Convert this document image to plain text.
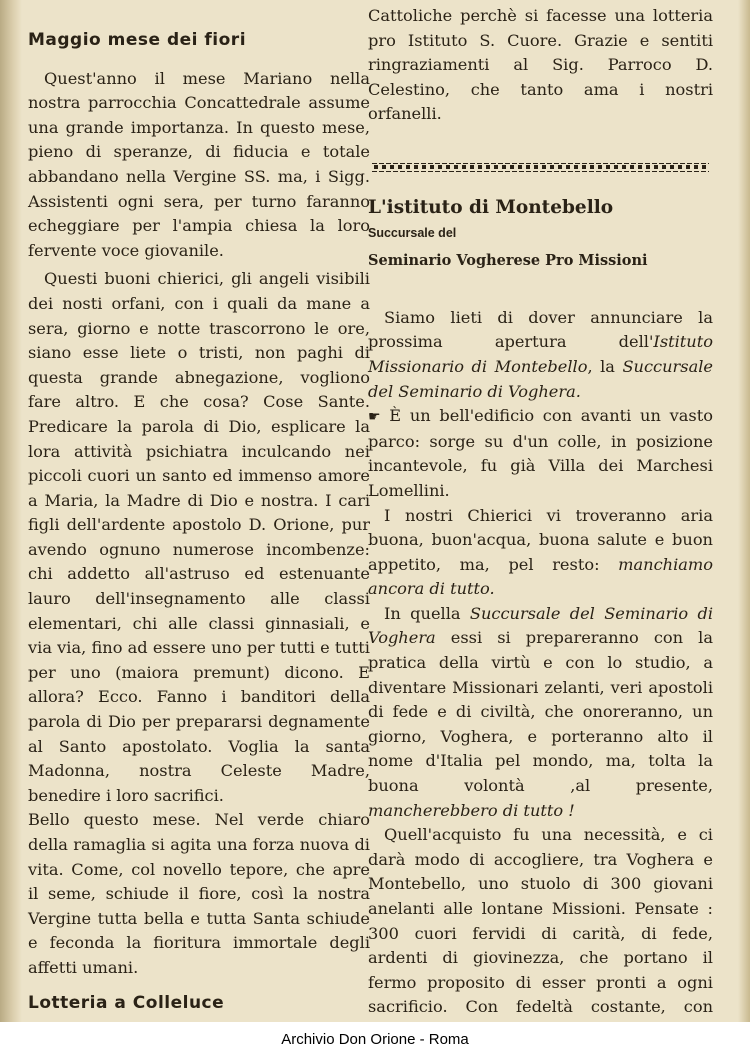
Maggio mese dei fiori

Quest'anno il mese Mariano nella nostra parrocchia Concattedrale assume una grande importanza. In questo mese, pieno di speranze, di fiducia e totale abbandano nella Vergine SS. ma, i Sigg. Assistenti ogni sera, per turno faranno echeggiare per l'ampia chiesa la loro fervente voce giovanile.

Questi buoni chierici, gli angeli visibili dei nosti orfani, con i quali da mane a sera, giorno e notte trascorrono le ore, siano esse liete o tristi, non paghi di questa grande abnegazione, vogliono fare altro. E che cosa? Cose Sante. Predicare la parola di Dio, esplicare la lora attività psichiatra inculcando nei piccoli cuori un santo ed immenso amore a Maria, la Madre di Dio e nostra. I cari figli dell'ardente apostolo D. Orione, pur avendo ognuno numerose incombenze: chi addetto all'astruso ed estenuante lauro dell'insegnamento alle classi elementari, chi alle classi ginnasiali, e via via, fino ad essere uno per tutti e tutti per uno (maiora premunt) dicono. E allora? Ecco. Fanno i banditori della parola di Dio per prepararsi degnamente al Santo apostolato. Voglia la santa Madonna, nostra Celeste Madre, benedire i loro sacrifici.

Bello questo mese. Nel verde chiaro della ramaglia si agita una forza nuova di vita. Come, col novello tepore, che apre il seme, schiude il fiore, così la nostra Vergine tutta bella e tutta Santa schiude e feconda la fioritura immortale degli affetti umani.

Lotteria a Colleluce

Cattoliche perchè si facesse una lotteria pro Istituto S. Cuore. Grazie e sentiti ringraziamenti al Sig. Parroco D. Celestino, che tanto ama i nostri orfanelli.

L'istituto di Montebello

Succursale del

Seminario Vogherese Pro Missioni

Siamo lieti di dover annunciare la prossima apertura dell'Istituto Missionario di Montebello, la Succursale del Seminario di Voghera.

☛ È un bell'edificio con avanti un vasto parco: sorge su d'un colle, in posizione incantevole, fu già Villa dei Marchesi Lomellini.

I nostri Chierici vi troveranno aria buona, buon'acqua, buona salute e buon appetito, ma, pel resto: manchiamo ancora di tutto.

In quella Succursale del Seminario di Voghera essi si prepareranno con la pratica della virtù e con lo studio, a diventare Missionari zelanti, veri apostoli di fede e di civiltà, che onoreranno, un giorno, Voghera, e porteranno alto il nome d'Italia pel mondo, ma, tolta la buona volontà ,al presente, mancherebbero di tutto !

Quell'acquisto fu una necessità, e ci darà modo di accogliere, tra Voghera e Montebello, uno stuolo di 300 giovani anelanti alle lontane Missioni. Pensate : 300 cuori fervidi di carità, di fede, ardenti di giovinezza, che portano il fermo proposito di esser pronti a ogni sacrificio. Con fedeltà costante, con

Archivio Don Orione - Roma
